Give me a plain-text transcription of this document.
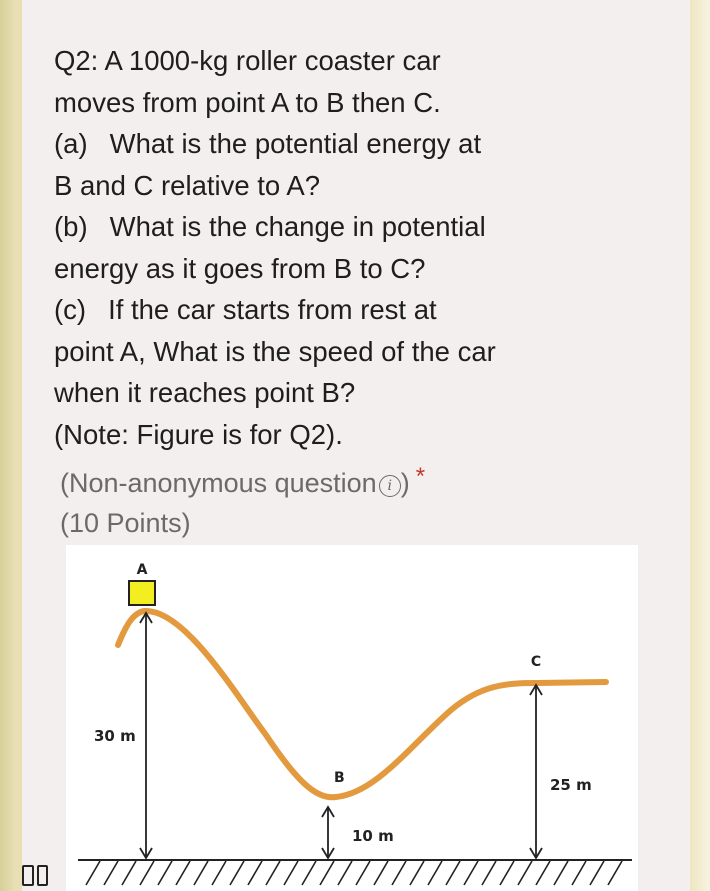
Q2: A 1000-kg roller coaster car
moves from point A to B then C.
(a) What is the potential energy at
B and C relative to A?
(b) What is the change in potential
energy as it goes from B to C?
(c) If the car starts from rest at
point A, What is the speed of the car
when it reaches point B?
(Note: Figure is for Q2).
(Non-anonymous question i ) *
(10 Points)
A
B
C
30 m
10 m
25 m
